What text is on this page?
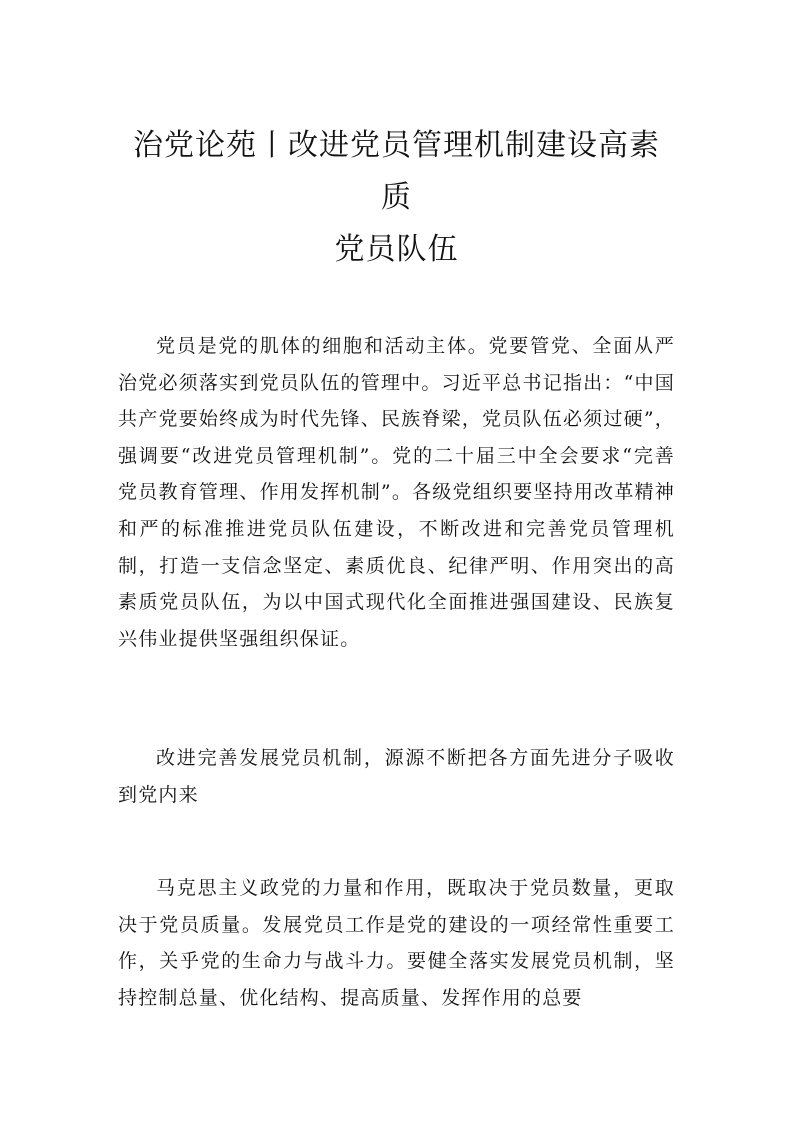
治党论苑丨改进党员管理机制建设高素质
党员队伍

党员是党的肌体的细胞和活动主体。党要管党、全面从严治党必须落实到党员队伍的管理中。习近平总书记指出：“中国共产党要始终成为时代先锋、民族脊梁，党员队伍必须过硬”，强调要“改进党员管理机制”。党的二十届三中全会要求“完善党员教育管理、作用发挥机制”。各级党组织要坚持用改革精神和严的标准推进党员队伍建设，不断改进和完善党员管理机制，打造一支信念坚定、素质优良、纪律严明、作用突出的高素质党员队伍，为以中国式现代化全面推进强国建设、民族复兴伟业提供坚强组织保证。

改进完善发展党员机制，源源不断把各方面先进分子吸收到党内来

马克思主义政党的力量和作用，既取决于党员数量，更取决于党员质量。发展党员工作是党的建设的一项经常性重要工作，关乎党的生命力与战斗力。要健全落实发展党员机制，坚持控制总量、优化结构、提高质量、发挥作用的总要
